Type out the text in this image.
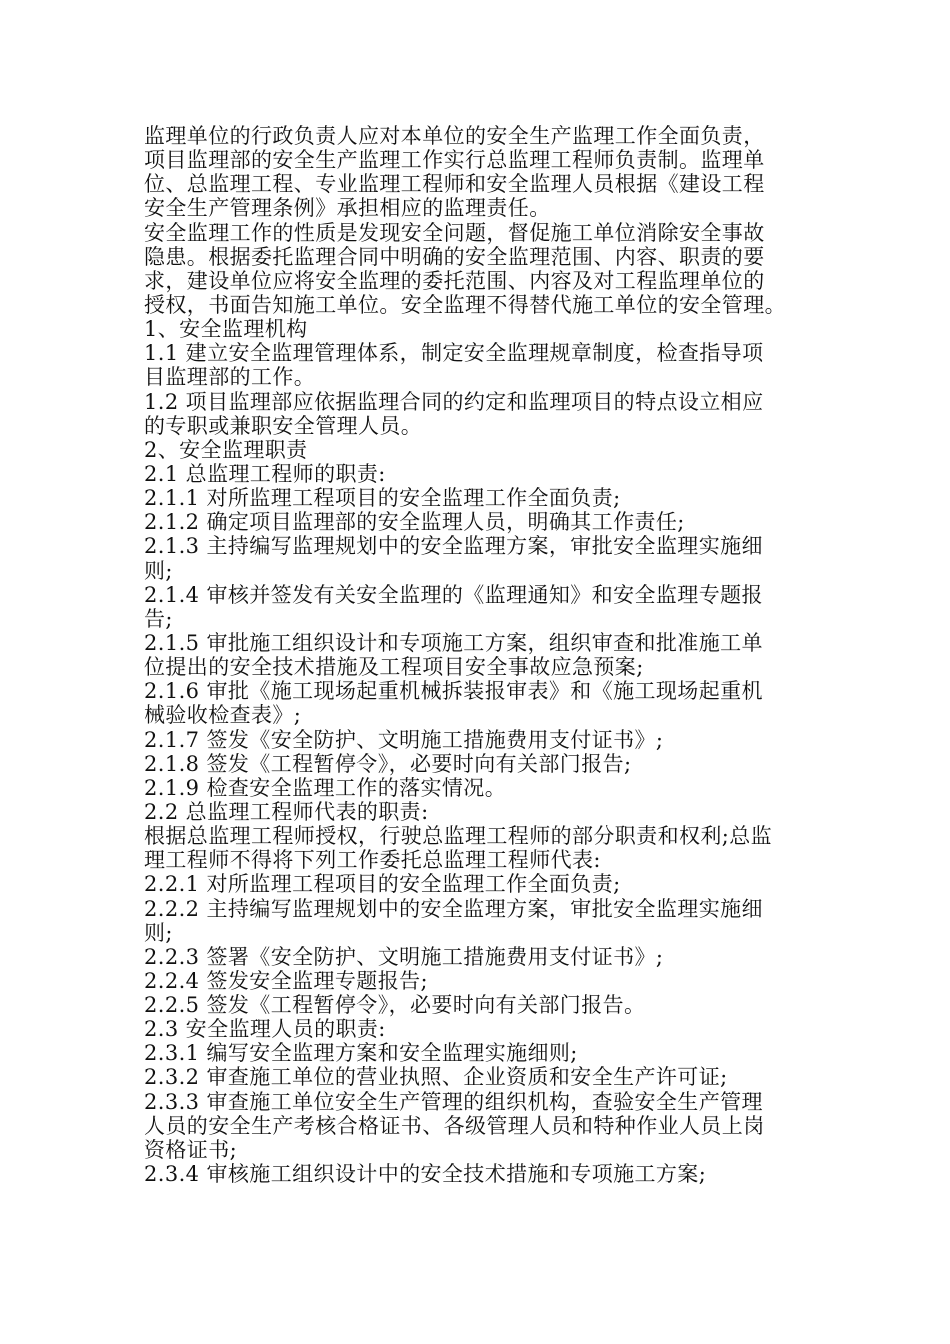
监理单位的行政负责人应对本单位的安全生产监理工作全面负责，
项目监理部的安全生产监理工作实行总监理工程师负责制。监理单
位、总监理工程、专业监理工程师和安全监理人员根据《建设工程
安全生产管理条例》承担相应的监理责任。
安全监理工作的性质是发现安全问题，督促施工单位消除安全事故
隐患。根据委托监理合同中明确的安全监理范围、内容、职责的要
求，建设单位应将安全监理的委托范围、内容及对工程监理单位的
授权，书面告知施工单位。安全监理不得替代施工单位的安全管理。
1、安全监理机构
1.1 建立安全监理管理体系，制定安全监理规章制度，检查指导项
目监理部的工作。
1.2 项目监理部应依据监理合同的约定和监理项目的特点设立相应
的专职或兼职安全管理人员。
2、安全监理职责
2.1 总监理工程师的职责:
2.1.1 对所监理工程项目的安全监理工作全面负责;
2.1.2 确定项目监理部的安全监理人员，明确其工作责任;
2.1.3 主持编写监理规划中的安全监理方案，审批安全监理实施细
则;
2.1.4 审核并签发有关安全监理的《监理通知》和安全监理专题报
告;
2.1.5 审批施工组织设计和专项施工方案，组织审查和批准施工单
位提出的安全技术措施及工程项目安全事故应急预案;
2.1.6 审批《施工现场起重机械拆装报审表》和《施工现场起重机
械验收检查表》;
2.1.7 签发《安全防护、文明施工措施费用支付证书》;
2.1.8 签发《工程暂停令》，必要时向有关部门报告;
2.1.9 检查安全监理工作的落实情况。
2.2 总监理工程师代表的职责:
根据总监理工程师授权，行驶总监理工程师的部分职责和权利;总监
理工程师不得将下列工作委托总监理工程师代表:
2.2.1 对所监理工程项目的安全监理工作全面负责;
2.2.2 主持编写监理规划中的安全监理方案，审批安全监理实施细
则;
2.2.3 签署《安全防护、文明施工措施费用支付证书》;
2.2.4 签发安全监理专题报告;
2.2.5 签发《工程暂停令》，必要时向有关部门报告。
2.3 安全监理人员的职责:
2.3.1 编写安全监理方案和安全监理实施细则;
2.3.2 审查施工单位的营业执照、企业资质和安全生产许可证;
2.3.3 审查施工单位安全生产管理的组织机构，查验安全生产管理
人员的安全生产考核合格证书、各级管理人员和特种作业人员上岗
资格证书;
2.3.4 审核施工组织设计中的安全技术措施和专项施工方案;
